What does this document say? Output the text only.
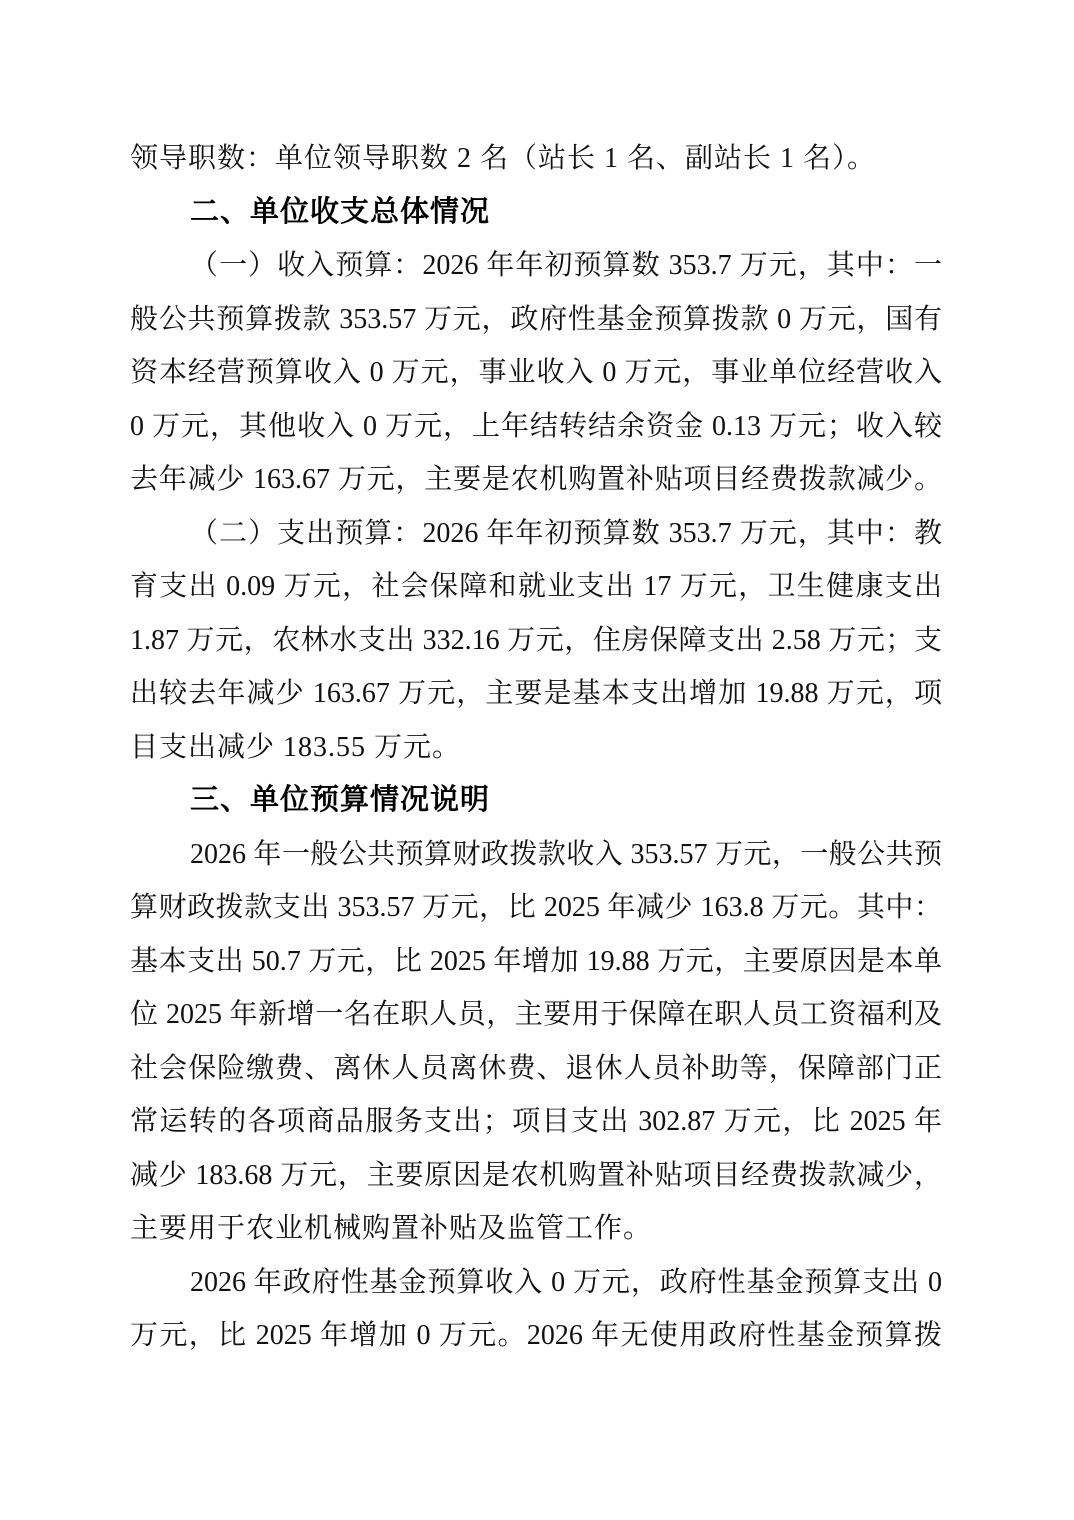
领导职数：单位领导职数 2 名（站长 1 名、副站长 1 名）。
二、单位收支总体情况
（一）收入预算：2026 年年初预算数 353.7 万元，其中：一
般公共预算拨款 353.57 万元，政府性基金预算拨款 0 万元，国有
资本经营预算收入 0 万元，事业收入 0 万元，事业单位经营收入
0 万元，其他收入 0 万元，上年结转结余资金 0.13 万元；收入较
去年减少 163.67 万元，主要是农机购置补贴项目经费拨款减少。
（二）支出预算：2026 年年初预算数 353.7 万元，其中：教
育支出 0.09 万元，社会保障和就业支出 17 万元，卫生健康支出
1.87 万元，农林水支出 332.16 万元，住房保障支出 2.58 万元；支
出较去年减少 163.67 万元，主要是基本支出增加 19.88 万元，项
目支出减少 183.55 万元。
三、单位预算情况说明
2026 年一般公共预算财政拨款收入 353.57 万元，一般公共预
算财政拨款支出 353.57 万元，比 2025 年减少 163.8 万元。其中：
基本支出 50.7 万元，比 2025 年增加 19.88 万元，主要原因是本单
位 2025 年新增一名在职人员，主要用于保障在职人员工资福利及
社会保险缴费、离休人员离休费、退休人员补助等，保障部门正
常运转的各项商品服务支出；项目支出 302.87 万元，比 2025 年
减少 183.68 万元，主要原因是农机购置补贴项目经费拨款减少，
主要用于农业机械购置补贴及监管工作。
2026 年政府性基金预算收入 0 万元，政府性基金预算支出 0
万元，比 2025 年增加 0 万元。2026 年无使用政府性基金预算拨
